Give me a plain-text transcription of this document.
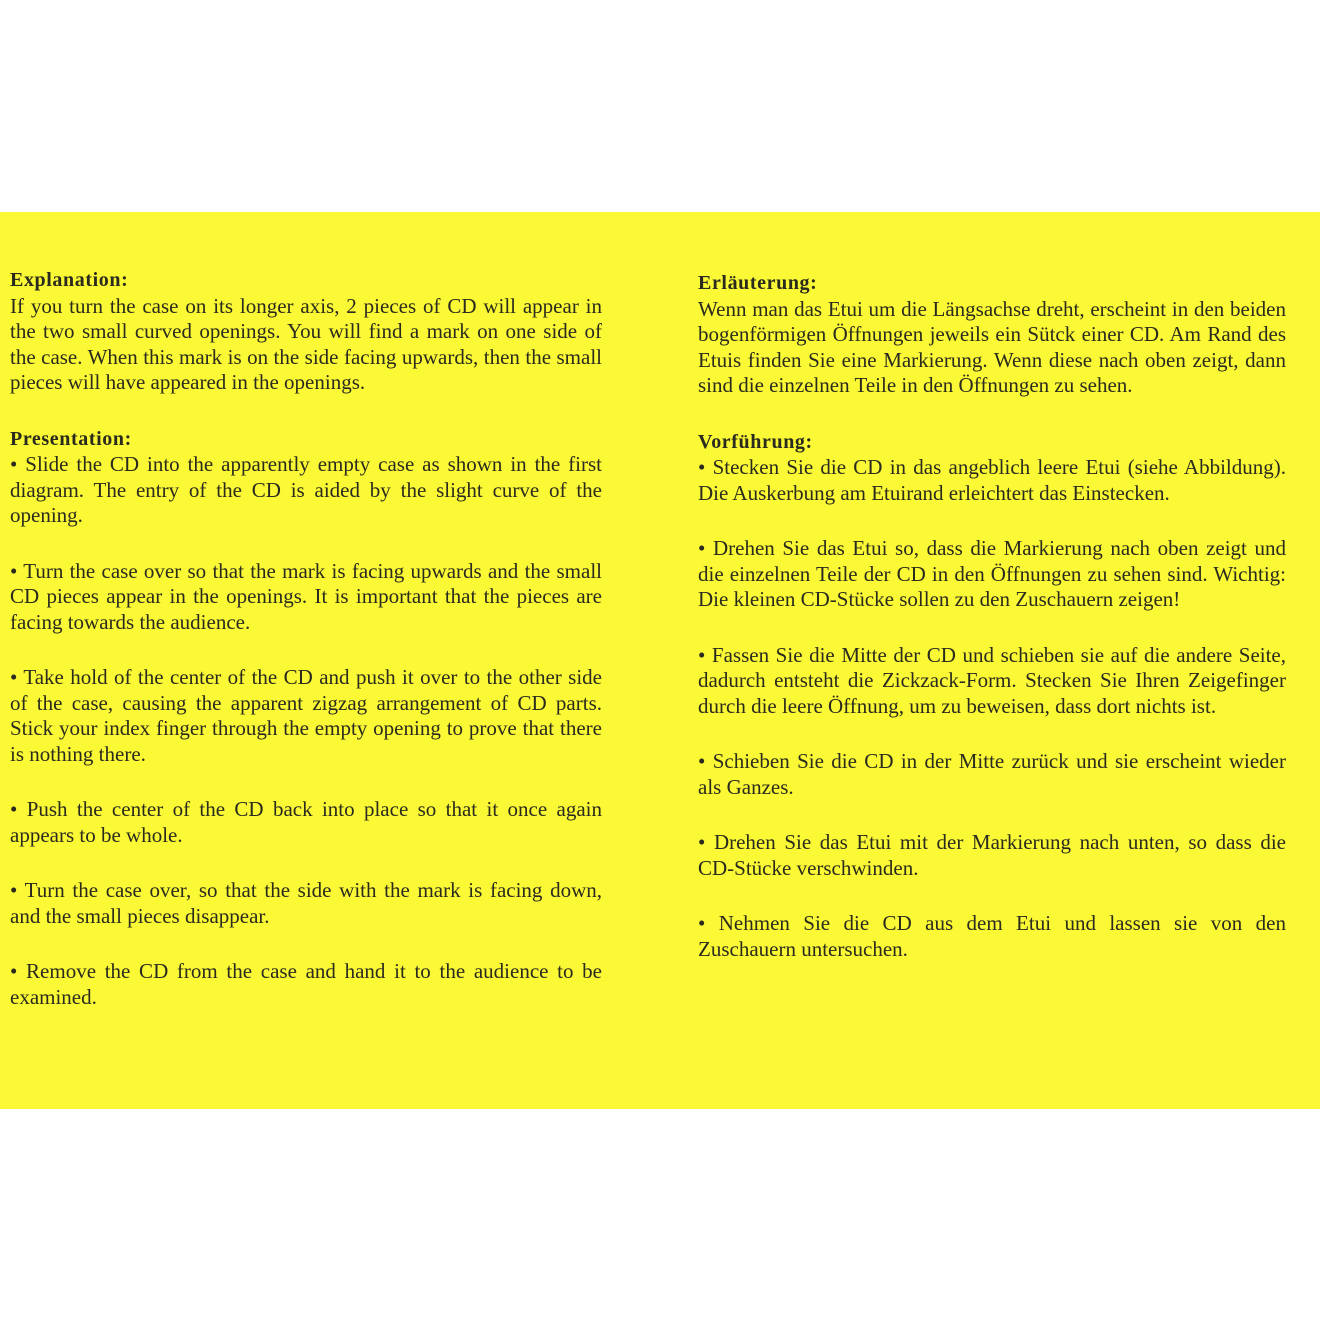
Explanation:

If you turn the case on its longer axis, 2 pieces of CD will appear in the two small curved openings. You will find a mark on one side of the case. When this mark is on the side facing upwards, then the small pieces will have appeared in the openings.

Presentation:

• Slide the CD into the apparently empty case as shown in the first diagram. The entry of the CD is aided by the slight curve of the opening.

• Turn the case over so that the mark is facing upwards and the small CD pieces appear in the openings. It is important that the pieces are facing towards the audience.

• Take hold of the center of the CD and push it over to the other side of the case, causing the apparent zigzag arrangement of CD parts. Stick your index finger through the empty opening to prove that there is nothing there.

• Push the center of the CD back into place so that it once again appears to be whole.

• Turn the case over, so that the side with the mark is facing down, and the small pieces disappear.

• Remove the CD from the case and hand it to the audience to be examined.

Erläuterung:

Wenn man das Etui um die Längsachse dreht, erscheint in den beiden bogenförmigen Öffnungen jeweils ein Sütck einer CD. Am Rand des Etuis finden Sie eine Markierung. Wenn diese nach oben zeigt, dann sind die einzelnen Teile in den Öffnungen zu sehen.

Vorführung:

• Stecken Sie die CD in das angeblich leere Etui (siehe Abbildung). Die Auskerbung am Etuirand erleichtert das Einstecken.

• Drehen Sie das Etui so, dass die Markierung nach oben zeigt und die einzelnen Teile der CD in den Öffnungen zu sehen sind. Wichtig: Die kleinen CD-Stücke sollen zu den Zuschauern zeigen!

• Fassen Sie die Mitte der CD und schieben sie auf die andere Seite, dadurch entsteht die Zickzack-Form. Stecken Sie Ihren Zeigefinger durch die leere Öffnung, um zu beweisen, dass dort nichts ist.

• Schieben Sie die CD in der Mitte zurück und sie erscheint wieder als Ganzes.

• Drehen Sie das Etui mit der Markierung nach unten, so dass die CD-Stücke verschwinden.

• Nehmen Sie die CD aus dem Etui und lassen sie von den Zuschauern untersuchen.
